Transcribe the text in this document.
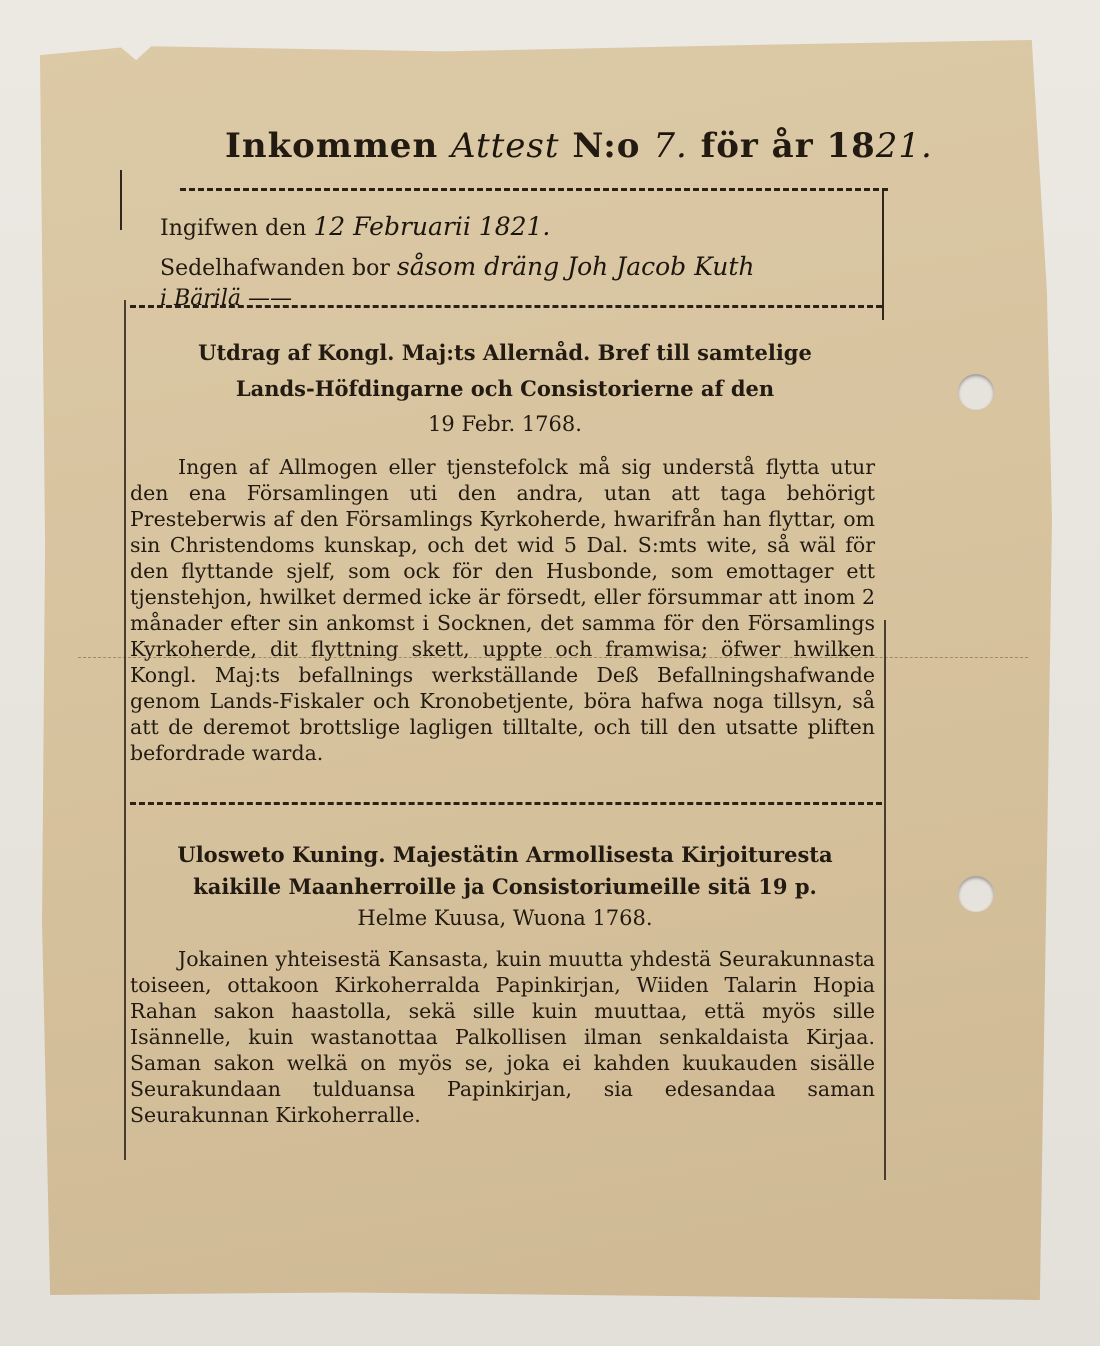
Inkommen Attest N:o 7. för år 1821.
Ingifwen den 12 Februarii 1821.
Sedelhafwanden bor såsom dräng Joh Jacob Kuth
i Bärilä ——
Utdrag af Kongl. Maj:ts Allernåd. Bref till samtelige
Lands-Höfdingarne och Consistorierne af den
19 Febr. 1768.

Ingen af Allmogen eller tjenstefolck må sig understå flytta utur den ena Församlingen uti den andra, utan att taga behörigt Presteberwis af den Församlings Kyrkoherde, hwarifrån han flyttar, om sin Christendoms kunskap, och det wid 5 Dal. S:mts wite, så wäl för den flyttande sjelf, som ock för den Husbonde, som emottager ett tjenstehjon, hwilket dermed icke är försedt, eller försummar att inom 2 månader efter sin ankomst i Socknen, det samma för den Församlings Kyrkoherde, dit flyttning skett, uppte och framwisa; öfwer hwilken Kongl. Maj:ts befallnings werkställande Deß Befallningshafwande genom Lands-Fiskaler och Kronobetjente, böra hafwa noga tillsyn, så att de deremot brottslige lagligen tilltalte, och till den utsatte pliften befordrade warda.

Ulosweto Kuning. Majestätin Armollisesta Kirjoituresta
kaikille Maanherroille ja Consistoriumeille sitä 19 p.
Helme Kuusa, Wuona 1768.

Jokainen yhteisestä Kansasta, kuin muutta yhdestä Seurakunnasta toiseen, ottakoon Kirkoherralda Papinkirjan, Wiiden Talarin Hopia Rahan sakon haastolla, sekä sille kuin muuttaa, että myös sille Isännelle, kuin wastanottaa Palkollisen ilman senkaldaista Kirjaa. Saman sakon welkä on myös se, joka ei kahden kuukauden sisälle Seurakundaan tulduansa Papinkirjan, sia edesandaa saman Seurakunnan Kirkoherralle.
